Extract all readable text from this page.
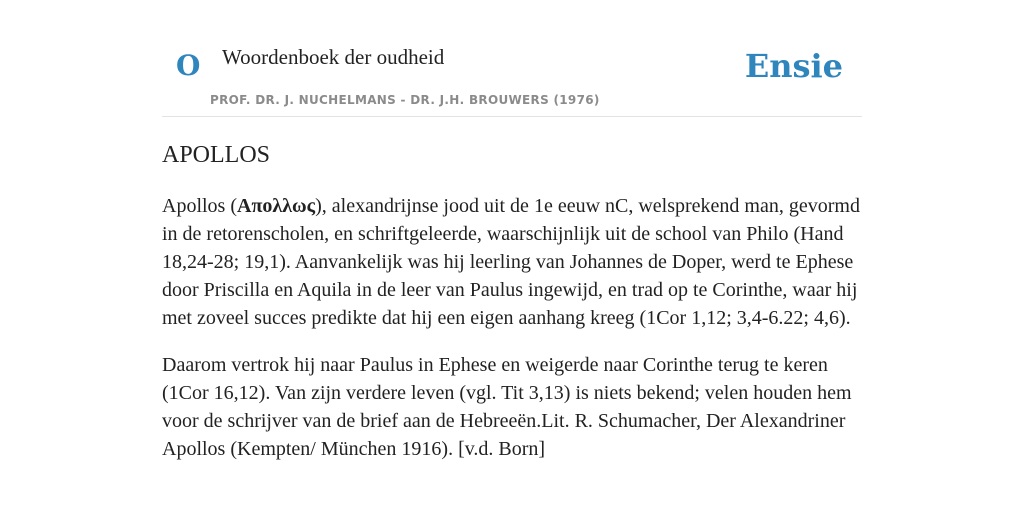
O Woordenboek der oudheid
PROF. DR. J. NUCHELMANS - DR. J.H. BROUWERS (1976)
Ensie
APOLLOS

Apollos (Απολλως), alexandrijnse jood uit de 1e eeuw nC, welsprekend man, gevormd in de retorenscholen, en schriftgeleerde, waarschijnlijk uit de school van Philo (Hand 18,24-28; 19,1). Aanvankelijk was hij leerling van Johannes de Doper, werd te Ephese door Priscilla en Aquila in de leer van Paulus ingewijd, en trad op te Corinthe, waar hij met zoveel succes predikte dat hij een eigen aanhang kreeg (1Cor 1,12; 3,4-6.22; 4,6).

Daarom vertrok hij naar Paulus in Ephese en weigerde naar Corinthe terug te keren (1Cor 16,12). Van zijn verdere leven (vgl. Tit 3,13) is niets bekend; velen houden hem voor de schrijver van de brief aan de Hebreeën.Lit. R. Schumacher, Der Alexandriner Apollos (Kempten/ München 1916). [v.d. Born]
